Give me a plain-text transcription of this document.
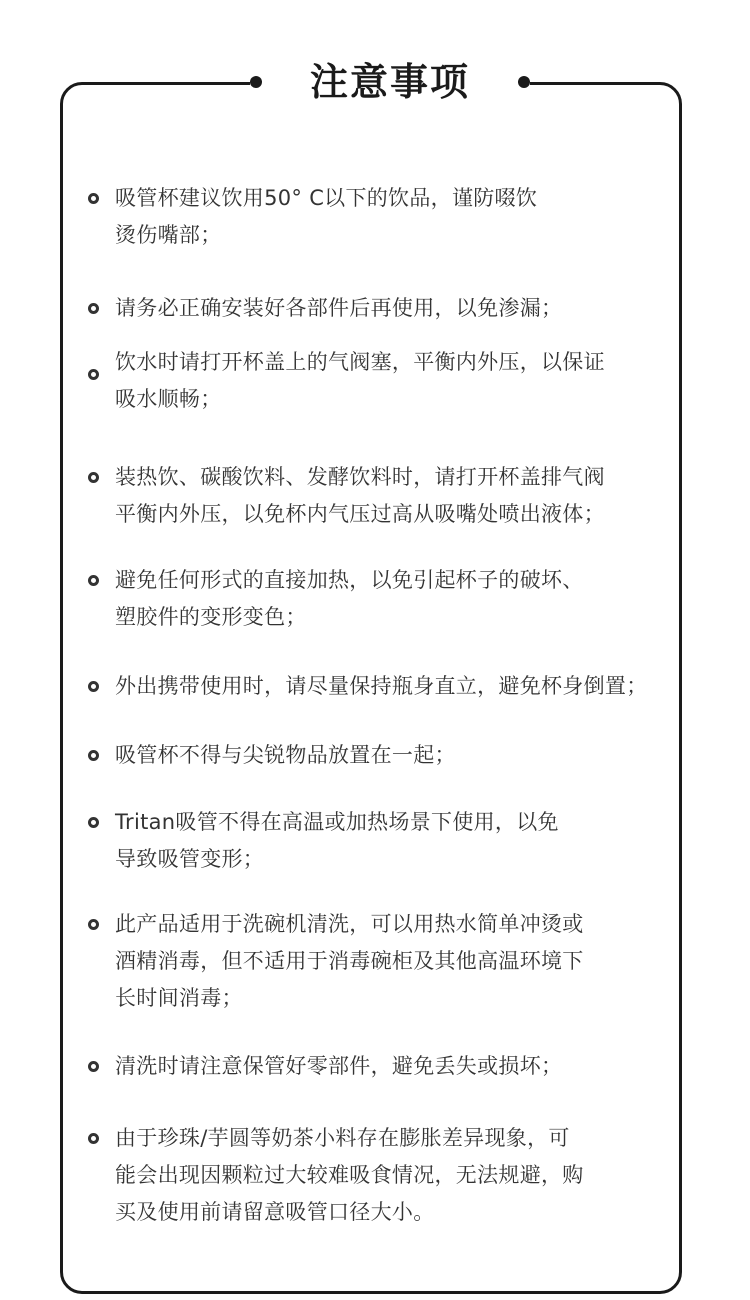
注意事项
吸管杯建议饮用50° C以下的饮品，谨防啜饮
烫伤嘴部；
请务必正确安装好各部件后再使用，以免渗漏；
饮水时请打开杯盖上的气阀塞，平衡内外压，以保证
吸水顺畅；
装热饮、碳酸饮料、发酵饮料时，请打开杯盖排气阀
平衡内外压，以免杯内气压过高从吸嘴处喷出液体；
避免任何形式的直接加热，以免引起杯子的破坏、
塑胶件的变形变色；
外出携带使用时，请尽量保持瓶身直立，避免杯身倒置；
吸管杯不得与尖锐物品放置在一起；
Tritan吸管不得在高温或加热场景下使用，以免
导致吸管变形；
此产品适用于洗碗机清洗，可以用热水简单冲烫或
酒精消毒，但不适用于消毒碗柜及其他高温环境下
长时间消毒；
清洗时请注意保管好零部件，避免丢失或损坏；
由于珍珠/芋圆等奶茶小料存在膨胀差异现象，可
能会出现因颗粒过大较难吸食情况，无法规避，购
买及使用前请留意吸管口径大小。
